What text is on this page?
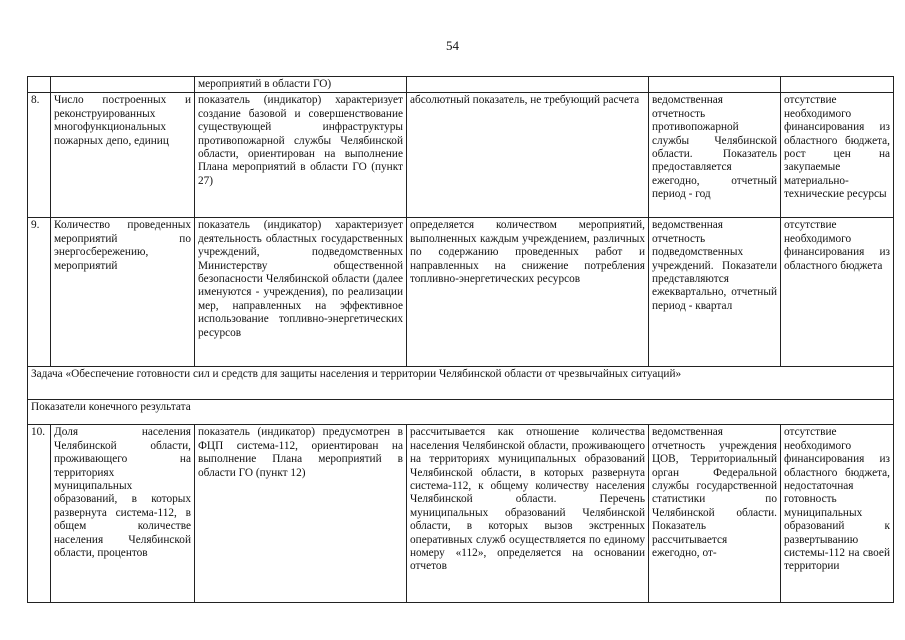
54
		мероприятий в области ГО)			
8.	Число построенных и реконструированных многофункциональных пожарных депо, единиц	показатель (индикатор) характеризует создание базовой и совершенствование существующей инфраструктуры противопожарной службы Челябинской области, ориентирован на выполнение Плана мероприятий в области ГО (пункт 27)	абсолютный показатель, не требующий расчета	ведомственная отчетность противопожарной службы Челябинской области. Показатель предоставляется ежегодно, отчетный период - год	отсутствие необходимого финансирования из областного бюджета, рост цен на закупаемые материально-технические ресурсы
9.	Количество проведенных мероприятий по энергосбережению, мероприятий	показатель (индикатор) характеризует деятельность областных государственных учреждений, подведомственных Министерству общественной безопасности Челябинской области (далее именуются - учреждения), по реализации мер, направленных на эффективное использование топливно-энергетических ресурсов	определяется количеством мероприятий, выполненных каждым учреждением, различных по содержанию проведенных работ и направленных на снижение потребления топливно-энергетических ресурсов	ведомственная отчетность подведомственных учреждений. Показатели представляются ежеквартально, отчетный период - квартал	отсутствие необходимого финансирования из областного бюджета
Задача «Обеспечение готовности сил и средств для защиты населения и территории Челябинской области от чрезвычайных ситуаций»					
Показатели конечного результата					
10.	Доля населения Челябинской области, проживающего на территориях муниципальных образований, в которых развернута система-112, в общем количестве населения Челябинской области, процентов	показатель (индикатор) предусмотрен в ФЦП система-112, ориентирован на выполнение Плана мероприятий в области ГО (пункт 12)	рассчитывается как отношение количества населения Челябинской области, проживающего на территориях муниципальных образований Челябинской области, в которых развернута система-112, к общему количеству населения Челябинской области. Перечень муниципальных образований Челябинской области, в которых вызов экстренных оперативных служб осуществляется по единому номеру «112», определяется на основании отчетов	ведомственная отчетность учреждения ЦОВ, Территориальный орган Федеральной службы государственной статистики по Челябинской области. Показатель рассчитывается ежегодно, от-	отсутствие необходимого финансирования из областного бюджета, недостаточная готовность муниципальных образований к развертыванию системы-112 на своей территории
